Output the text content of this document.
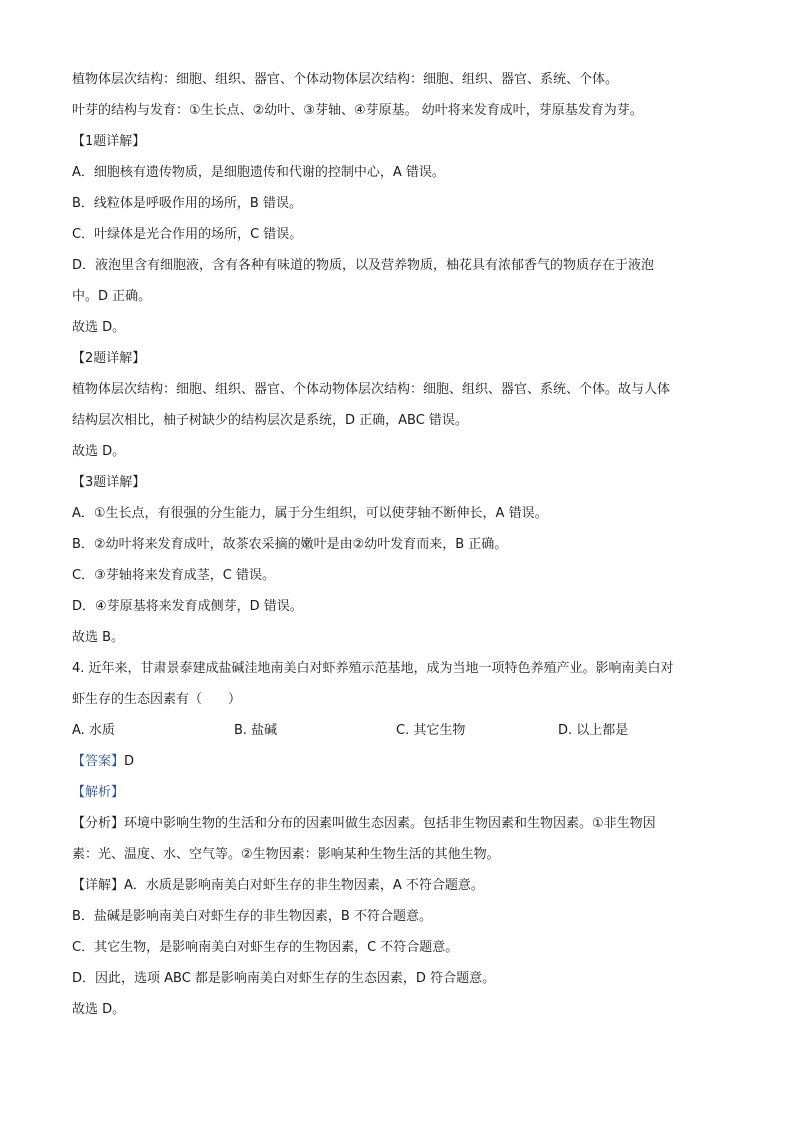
植物体层次结构：细胞、组织、器官、个体动物体层次结构：细胞、组织、器官、系统、个体。
叶芽的结构与发育：①生长点、②幼叶、③芽轴、④芽原基。 幼叶将来发育成叶，芽原基发育为芽。
【1题详解】
A．细胞核有遗传物质，是细胞遗传和代谢的控制中心，A 错误。
B．线粒体是呼吸作用的场所，B 错误。
C．叶绿体是光合作用的场所，C 错误。
D．液泡里含有细胞液，含有各种有味道的物质，以及营养物质，柚花具有浓郁香气的物质存在于液泡
中。D 正确。
故选 D。
【2题详解】
植物体层次结构：细胞、组织、器官、个体动物体层次结构：细胞、组织、器官、系统、个体。故与人体
结构层次相比，柚子树缺少的结构层次是系统，D 正确，ABC 错误。
故选 D。
【3题详解】
A．①生长点，有很强的分生能力，属于分生组织，可以使芽轴不断伸长，A 错误。
B．②幼叶将来发育成叶，故茶农采摘的嫩叶是由②幼叶发育而来，B 正确。
C．③芽轴将来发育成茎，C 错误。
D．④芽原基将来发育成侧芽，D 错误。
故选 B。
4. 近年来，甘肃景泰建成盐碱洼地南美白对虾养殖示范基地，成为当地一项特色养殖产业。影响南美白对
虾生存的生态因素有（　　）
A. 水质	B. 盐碱	C. 其它生物	D. 以上都是
【答案】D
【解析】
【分析】环境中影响生物的生活和分布的因素叫做生态因素。包括非生物因素和生物因素。①非生物因
素：光、温度、水、空气等。②生物因素：影响某种生物生活的其他生物。
【详解】A．水质是影响南美白对虾生存的非生物因素，A 不符合题意。
B．盐碱是影响南美白对虾生存的非生物因素，B 不符合题意。
C．其它生物，是影响南美白对虾生存的生物因素，C 不符合题意。
D．因此，选项 ABC 都是影响南美白对虾生存的生态因素，D 符合题意。
故选 D。
